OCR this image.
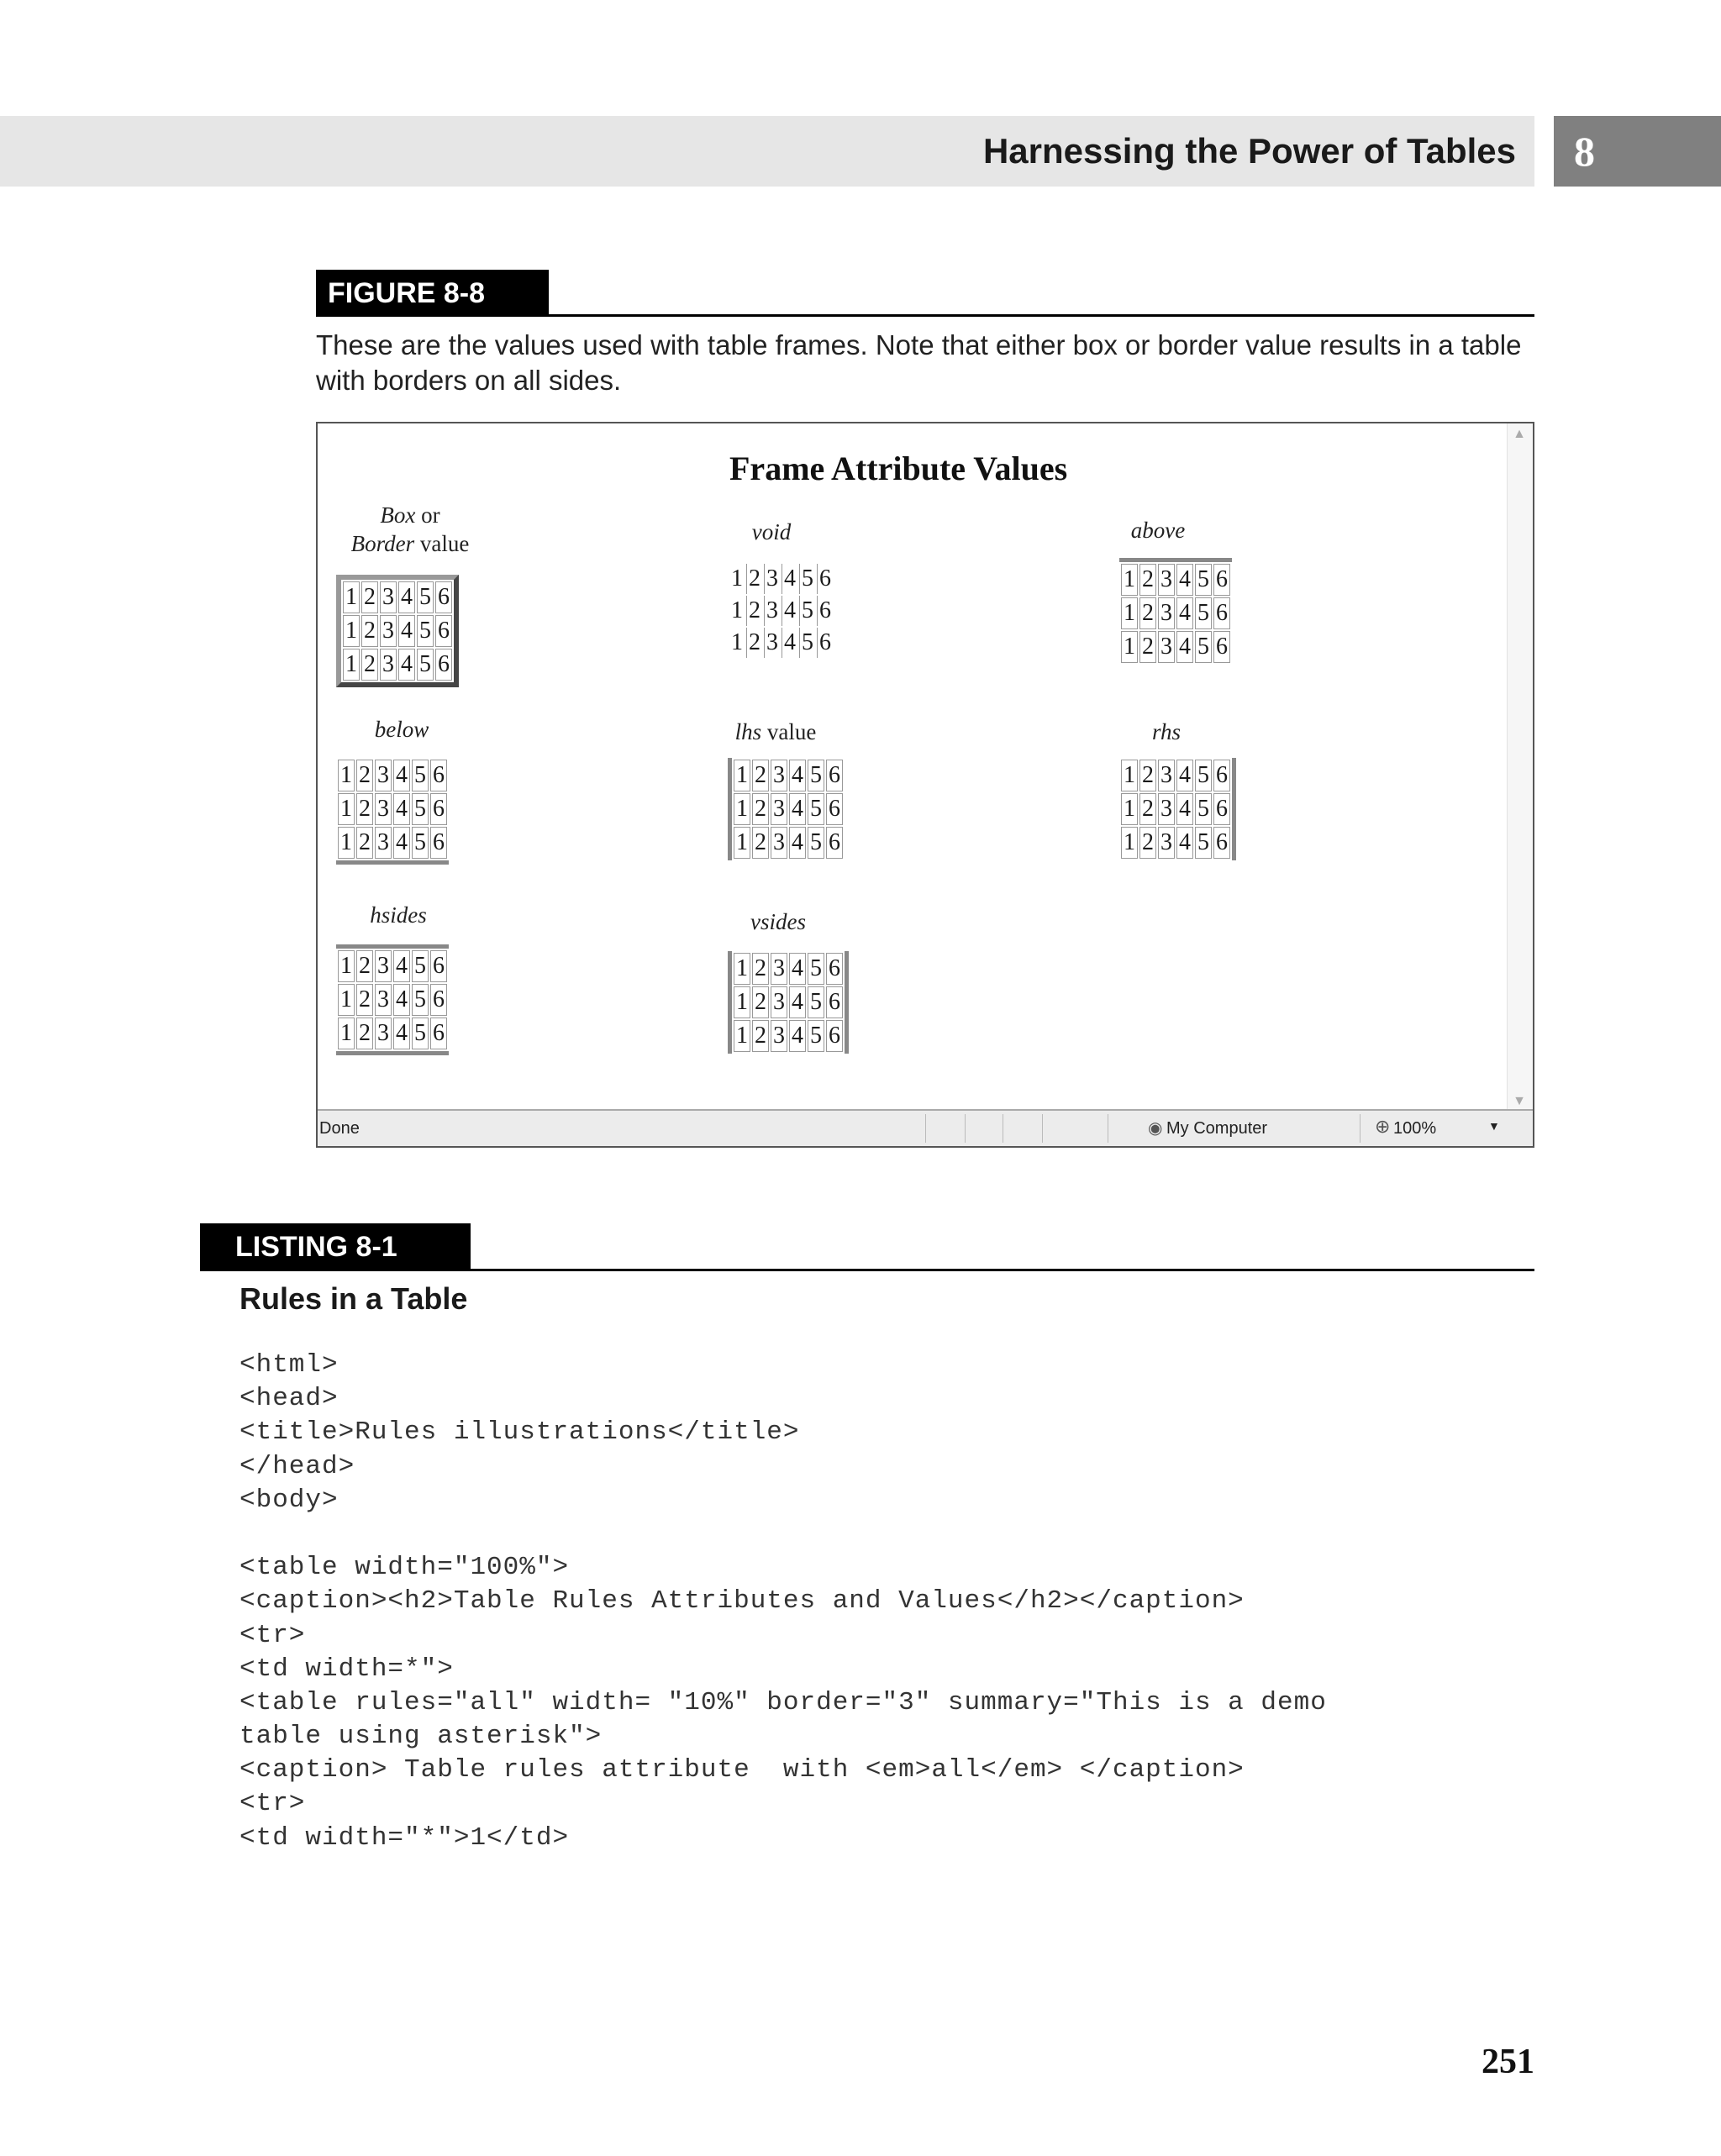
Harnessing the Power of Tables	8
FIGURE 8-8
These are the values used with table frames. Note that either box or border value results in a table with borders on all sides.
Frame Attribute Values
Box or
Border value
1	2	3	4	5	6
1	2	3	4	5	6
1	2	3	4	5	6
void
1	2	3	4	5	6
1	2	3	4	5	6
1	2	3	4	5	6
above
1	2	3	4	5	6
1	2	3	4	5	6
1	2	3	4	5	6
below
1	2	3	4	5	6
1	2	3	4	5	6
1	2	3	4	5	6
lhs value
1	2	3	4	5	6
1	2	3	4	5	6
1	2	3	4	5	6
rhs
1	2	3	4	5	6
1	2	3	4	5	6
1	2	3	4	5	6
hsides
1	2	3	4	5	6
1	2	3	4	5	6
1	2	3	4	5	6
vsides
1	2	3	4	5	6
1	2	3	4	5	6
1	2	3	4	5	6
▲
▼
Done	◉ My Computer	⊕ 100%	▼
LISTING 8-1
Rules in a Table
<html>
<head>
<title>Rules illustrations</title>
</head>
<body>
<table width="100%">
<caption><h2>Table Rules Attributes and Values</h2></caption>
<tr>
<td width=*">
<table rules="all" width= "10%" border="3" summary="This is a demo
table using asterisk">
<caption> Table rules attribute  with <em>all</em> </caption>
<tr>
<td width="*">1</td>
251
